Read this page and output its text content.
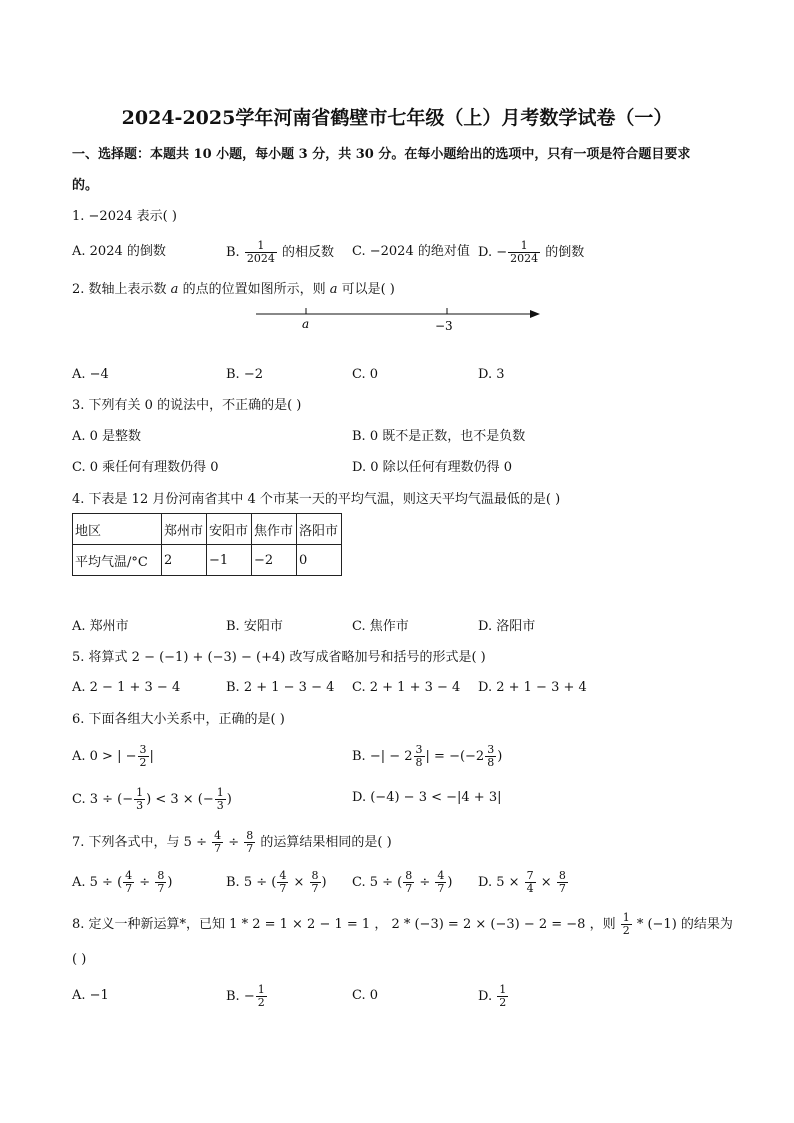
2024-2025学年河南省鹤壁市七年级（上）月考数学试卷（一）
一、选择题：本题共 10 小题，每小题 3 分，共 30 分。在每小题给出的选项中，只有一项是符合题目要求
的。
1. −2024 表示( )
A. 2024 的倒数	B. $\frac{1}{2024}$ 的相反数 C. −2024 的绝对值 D. − $\frac{1}{2024}$ 的倒数
2. 数轴上表示数 a 的点的位置如图所示，则 a 可以是( )
a	−3
A. −4	B. −2	C. 0	D. 3
3. 下列有关 0 的说法中，不正确的是( )
A. 0 是整数	B. 0 既不是正数，也不是负数
C. 0 乘任何有理数仍得 0	D. 0 除以任何有理数仍得 0
4. 下表是 12 月份河南省其中 4 个市某一天的平均气温，则这天平均气温最低的是( )
地区	郑州市	安阳市	焦作市	洛阳市
平均气温/°C	2	−1	−2	0
A. 郑州市	B. 安阳市	C. 焦作市	D. 洛阳市
5. 将算式 2 − (−1) + (−3) − (+4) 改写成省略加号和括号的形式是( )
A. 2 − 1 + 3 − 4	B. 2 + 1 − 3 − 4 C. 2 + 1 + 3 − 4 D. 2 + 1 − 3 + 4
6. 下面各组大小关系中，正确的是( )
A. 0 > | − $\frac{3}{2}$ |	B. −| − $2 \frac{3}{8}$ | = $-(-2 \frac{3}{8}$ )
C. 3 ÷ (− $\frac{1}{3}$ ) < 3 × (− $\frac{1}{3}$ )	D. (−4) − 3 < −|4 + 3|
7. 下列各式中，与 $5 \div \frac{4}{7} \div \frac{8}{7}$ 的运算结果相同的是( )
A. 5 ÷ ( $\frac{4}{7} \div \frac{8}{7}$ )	B. 5 ÷ ( $\frac{4}{7} \times \frac{8}{7}$ ) C. 5 ÷ ( $\frac{8}{7} \div \frac{4}{7}$ ) D. $5 \times \frac{7}{4} \times \frac{8}{7}$
8. 定义一种新运算*，已知 1 * 2 = 1 × 2 − 1 = 1 ， 2 * (−3) = 2 × (−3) − 2 = −8 ，则 $\frac{1}{2} * (-1)$ 的结果为
( )
A. −1	B. − $\frac{1}{2}$	C. 0	D. $\frac{1}{2}$
